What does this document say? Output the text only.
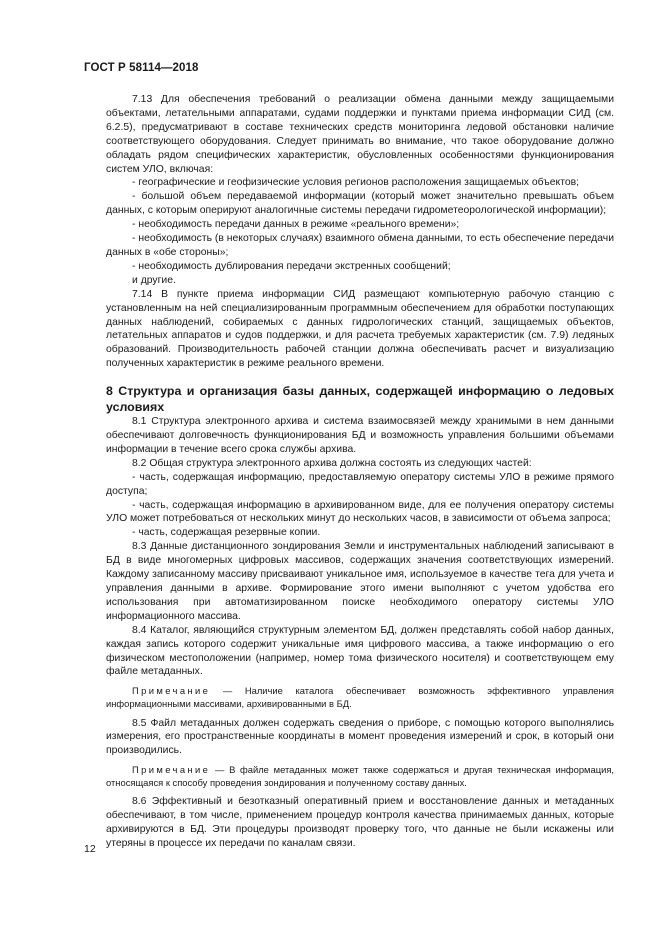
ГОСТ Р 58114—2018

7.13 Для обеспечения требований о реализации обмена данными между защищаемыми объектами, летательными аппаратами, судами поддержки и пунктами приема информации СИД (см. 6.2.5), предусматривают в составе технических средств мониторинга ледовой обстановки наличие соответствующего оборудования. Следует принимать во внимание, что такое оборудование должно обладать рядом специфических характеристик, обусловленных особенностями функционирования систем УЛО, включая:

- географические и геофизические условия регионов расположения защищаемых объектов;

- большой объем передаваемой информации (который может значительно превышать объем данных, с которым оперируют аналогичные системы передачи гидрометеорологической информации);

- необходимость передачи данных в режиме «реального времени»;

- необходимость (в некоторых случаях) взаимного обмена данными, то есть обеспечение передачи данных в «обе стороны»;

- необходимость дублирования передачи экстренных сообщений;

и другие.

7.14 В пункте приема информации СИД размещают компьютерную рабочую станцию с установленным на ней специализированным программным обеспечением для обработки поступающих данных наблюдений, собираемых с данных гидрологических станций, защищаемых объектов, летательных аппаратов и судов поддержки, и для расчета требуемых характеристик (см. 7.9) ледяных образований. Производительность рабочей станции должна обеспечивать расчет и визуализацию полученных характеристик в режиме реального времени.

8 Структура и организация базы данных, содержащей информацию о ледовых условиях

8.1 Структура электронного архива и система взаимосвязей между хранимыми в нем данными обеспечивают долговечность функционирования БД и возможность управления большими объемами информации в течение всего срока службы архива.

8.2 Общая структура электронного архива должна состоять из следующих частей:

- часть, содержащая информацию, предоставляемую оператору системы УЛО в режиме прямого доступа;

- часть, содержащая информацию в архивированном виде, для ее получения оператору системы УЛО может потребоваться от нескольких минут до нескольких часов, в зависимости от объема запроса;

- часть, содержащая резервные копии.

8.3 Данные дистанционного зондирования Земли и инструментальных наблюдений записывают в БД в виде многомерных цифровых массивов, содержащих значения соответствующих измерений. Каждому записанному массиву присваивают уникальное имя, используемое в качестве тега для учета и управления данными в архиве. Формирование этого имени выполняют с учетом удобства его использования при автоматизированном поиске необходимого оператору системы УЛО информационного массива.

8.4 Каталог, являющийся структурным элементом БД, должен представлять собой набор данных, каждая запись которого содержит уникальные имя цифрового массива, а также информацию о его физическом местоположении (например, номер тома физического носителя) и соответствующем ему файле метаданных.

Примечание — Наличие каталога обеспечивает возможность эффективного управления информационными массивами, архивированными в БД.

8.5 Файл метаданных должен содержать сведения о приборе, с помощью которого выполнялись измерения, его пространственные координаты в момент проведения измерений и срок, в который они производились.

Примечание — В файле метаданных может также содержаться и другая техническая информация, относящаяся к способу проведения зондирования и полученному составу данных.

8.6 Эффективный и безотказный оперативный прием и восстановление данных и метаданных обеспечивают, в том числе, применением процедур контроля качества принимаемых данных, которые архивируются в БД. Эти процедуры производят проверку того, что данные не были искажены или утеряны в процессе их передачи по каналам связи.

12
